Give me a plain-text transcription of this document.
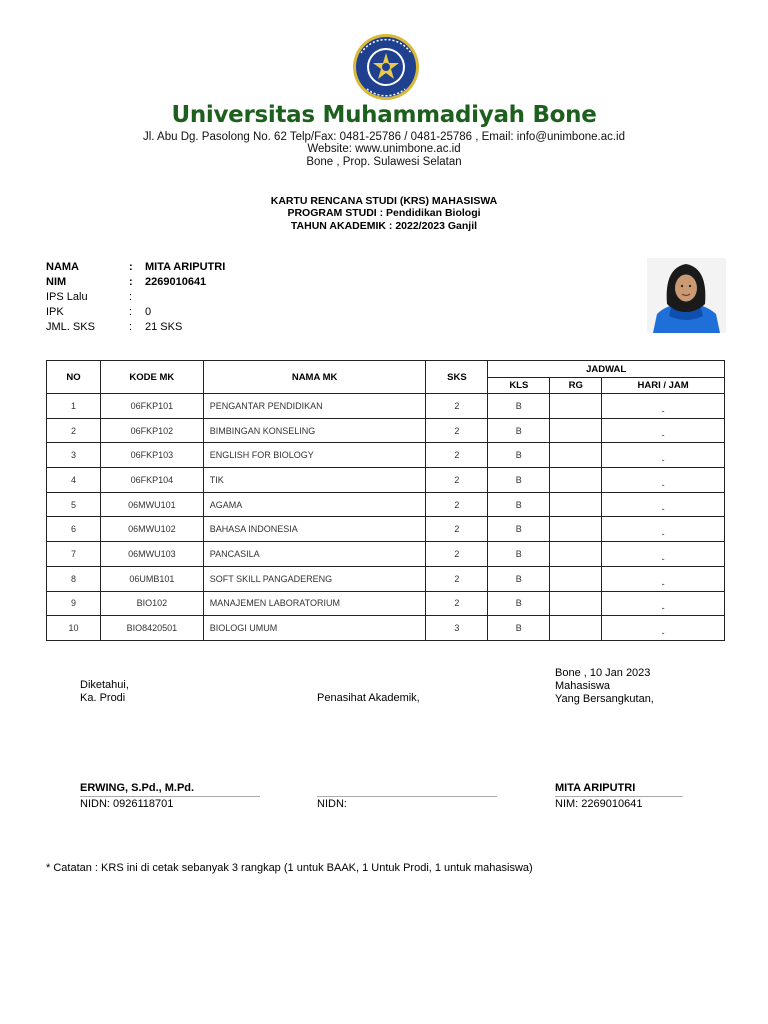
Universitas Muhammadiyah Bone
Jl. Abu Dg. Pasolong No. 62 Telp/Fax: 0481-25786 / 0481-25786 , Email: info@unimbone.ac.id
Website: www.unimbone.ac.id
Bone , Prop. Sulawesi Selatan
KARTU RENCANA STUDI (KRS) MAHASISWA
PROGRAM STUDI : Pendidikan Biologi
TAHUN AKADEMIK : 2022/2023 Ganjil
NAMA	:	MITA ARIPUTRI
NIM	:	2269010641
IPS Lalu	:
IPK	:	0
JML. SKS	:	21 SKS
NO	KODE MK	NAMA MK	SKS	JADWAL		
				KLS	RG	HARI / JAM
1	06FKP101	PENGANTAR PENDIDIKAN	2	B		-
2	06FKP102	BIMBINGAN KONSELING	2	B		-
3	06FKP103	ENGLISH FOR BIOLOGY	2	B		-
4	06FKP104	TIK	2	B		-
5	06MWU101	AGAMA	2	B		-
6	06MWU102	BAHASA INDONESIA	2	B		-
7	06MWU103	PANCASILA	2	B		-
8	06UMB101	SOFT SKILL PANGADERENG	2	B		-
9	BIO102	MANAJEMEN LABORATORIUM	2	B		-
10	BIO8420501	BIOLOGI UMUM	3	B		-
Diketahui,
Ka. Prodi	Penasihat Akademik,
Bone , 10 Jan 2023
Mahasiswa
Yang Bersangkutan,
ERWING, S.Pd., M.Pd.
NIDN: 0926118701	NIDN:
MITA ARIPUTRI
NIM: 2269010641
* Catatan : KRS ini di cetak sebanyak 3 rangkap (1 untuk BAAK, 1 Untuk Prodi, 1 untuk mahasiswa)
